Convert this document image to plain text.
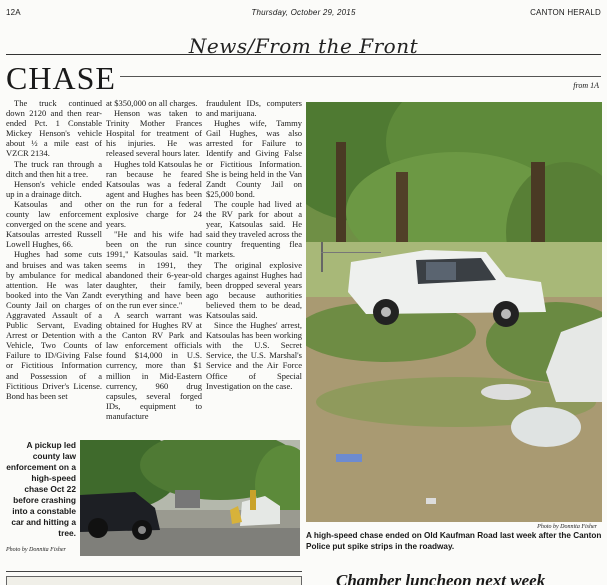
12A	Thursday, October 29, 2015	CANTON HERALD
News/From the Front
CHASE	from 1A

The truck continued down 2120 and then rear-ended Pct. 1 Constable Mickey Henson's vehicle about ½ a mile east of VZCR 2134.

The truck ran through a ditch and then hit a tree.

Henson's vehicle ended up in a drainage ditch.

Katsoulas and other county law enforcement converged on the scene and Katsoulas arrested Russell Lowell Hughes, 66.

Hughes had some cuts and bruises and was taken by ambulance for medical attention. He was later booked into the Van Zandt County Jail on charges of Aggravated Assault of a Public Servant, Evading Arrest or Detention with a Vehicle, Two Counts of Failure to ID/Giving False or Fictitious Information and Possession of a Fictitious Driver's License. Bond has been set

at $350,000 on all charges.

Henson was taken to Trinity Mother Frances Hospital for treatment of his injuries. He was released several hours later.

Hughes told Katsoulas he ran because he feared Katsoulas was a federal agent and Hughes has been on the run for a federal explosive charge for 24 years.

"He and his wife had been on the run since 1991," Katsoulas said. "It seems in 1991, they abandoned their 6-year-old daughter, their family, everything and have been on the run ever since."

A search warrant was obtained for Hughes RV at the Canton RV Park and law enforcement officials found $14,000 in U.S. currency, more than $1 million in Mid-Eastern currency, 960 drug capsules, several forged IDs, equipment to manufacture

fraudulent IDs, computers and marijuana.

Hughes wife, Tammy Gail Hughes, was also arrested for Failure to Identify and Giving False or Fictitious Information. She is being held in the Van Zandt County Jail on $25,000 bond.

The couple had lived at the RV park for about a year, Katsoulas said. He said they traveled across the country frequenting flea markets.

The original explosive charges against Hughes had been dropped several years ago because authorities believed them to be dead, Katsoulas said.

Since the Hughes' arrest, Katsoulas has been working with the U.S. Secret Service, the U.S. Marshal's Service and the Air Force Office of Special Investigation on the case.

Photo by Donnita Fisher
A high-speed chase ended on Old Kaufman Road last week after the Canton Police put spike strips in the roadway.
A pickup led county law enforcement on a high-speed chase Oct 22 before crashing into a constable car and hitting a tree.
Photo by Donnita Fisher
Chamber luncheon next week
